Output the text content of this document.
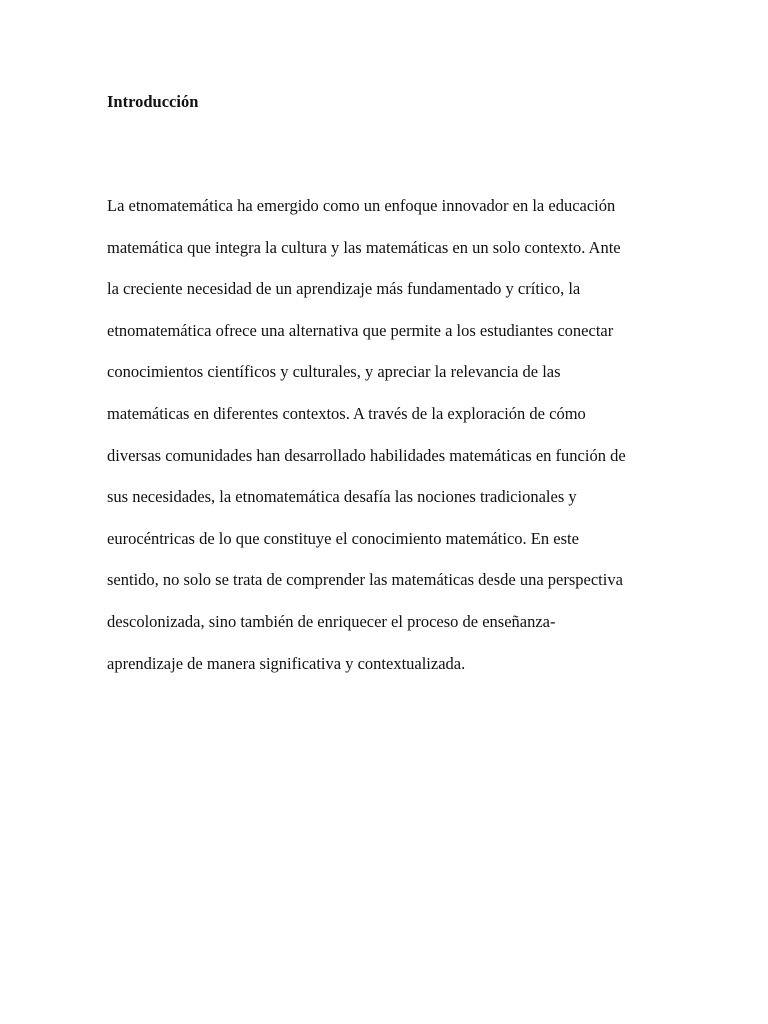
Introducción
La etnomatemática ha emergido como un enfoque innovador en la educación
matemática que integra la cultura y las matemáticas en un solo contexto. Ante
la creciente necesidad de un aprendizaje más fundamentado y crítico, la
etnomatemática ofrece una alternativa que permite a los estudiantes conectar
conocimientos científicos y culturales, y apreciar la relevancia de las
matemáticas en diferentes contextos. A través de la exploración de cómo
diversas comunidades han desarrollado habilidades matemáticas en función de
sus necesidades, la etnomatemática desafía las nociones tradicionales y
eurocéntricas de lo que constituye el conocimiento matemático. En este
sentido, no solo se trata de comprender las matemáticas desde una perspectiva
descolonizada, sino también de enriquecer el proceso de enseñanza-
aprendizaje de manera significativa y contextualizada.
